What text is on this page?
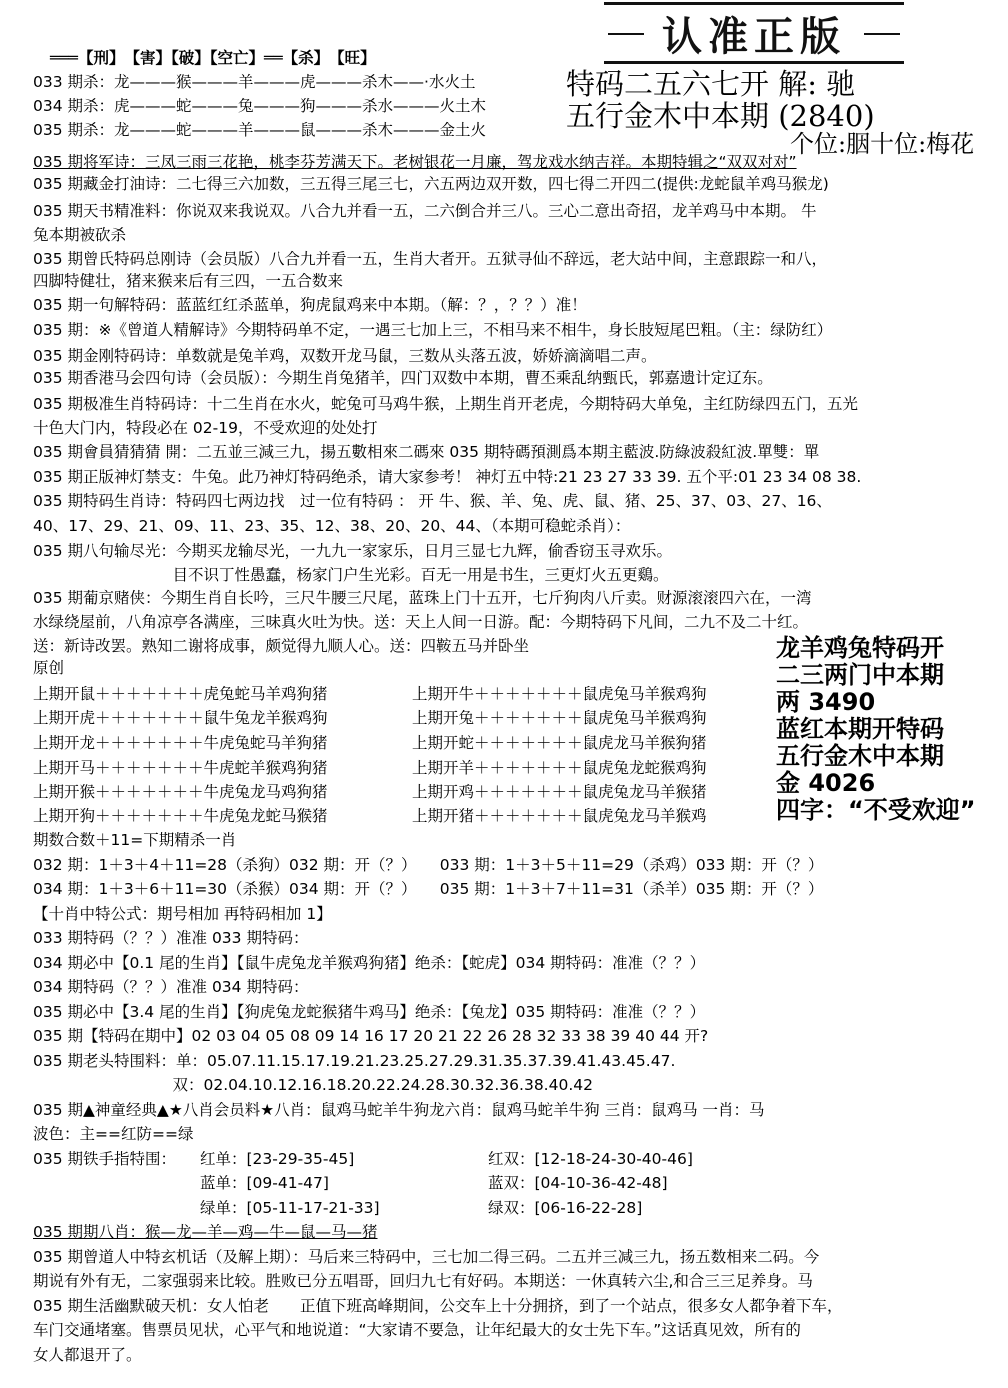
认准正版
═══【刑】　【害】【破】【空亡】══【杀】　【旺】
033 期杀：龙———猴———羊———虎———杀木——·水火土
034 期杀：虎———蛇———兔———狗———杀水———火土木
035 期杀：龙———蛇———羊———鼠———杀木———金土火
特码二五六七开 解: 驰
五行金木中本期 (2840)
个位:胭十位:梅花
035 期将军诗：三凤三雨三花艳，桃李芬芳满天下。老树银花一月廉，驾龙戏水纳吉祥。本期特辑之“双双对对”
035 期藏金打油诗：二七得三六加数，三五得三尾三七，六五两边双开数，四七得二开四二(提供:龙蛇鼠羊鸡马猴龙)
035 期天书精准料：你说双来我说双。八合九并看一五，二六倒合并三八。三心二意出奇招，龙羊鸡马中本期。 牛
兔本期被砍杀
035 期曾氏特码总刚诗（会员版）八合九并看一五，生肖大者开。五狱寻仙不辞远，老大站中间，主意跟踪一和八，
四脚特健壮，猪来猴来后有三四，一五合数来
035 期一句解特码：蓝蓝红红杀蓝单，狗虎鼠鸡来中本期。（解：？，？？）准！
035 期：※《曾道人精解诗》今期特码单不定，一遇三七加上三，不相马来不相牛，身长肢短尾巴粗。（主：绿防红）
035 期金刚特码诗：单数就是兔羊鸡，双数开龙马鼠，三数从头落五波，娇娇滴滴唱二声。
035 期香港马会四句诗（会员版）：今期生肖兔猪羊，四门双数中本期，曹丕乘乱纳甄氏，郭嘉遗计定辽东。
035 期极准生肖特码诗：十二生肖在水火，蛇兔可马鸡牛猴，上期生肖开老虎，今期特码大单兔，主红防绿四五门，五光
十色大门内，特段必在 02-19，不受欢迎的处处打
035 期會員猜猜猜 開：二五並三減三九，揚五數相來二碼來 035 期特碼預測爲本期主藍波.防綠波殺紅波.單雙：單
035 期正版神灯禁支：牛兔。此乃神灯特码绝杀，请大家参考！ 神灯五中特:21 23 27 33 39. 五个平:01 23 34 08 38.
035 期特码生肖诗：特码四七两边找　过一位有特码 ： 开 牛、猴、羊、兔、虎、鼠、猪、25、37、03、27、16、
40、17、29、21、09、11、23、35、12、38、20、20、44、（本期可稳蛇杀肖）：
035 期八句输尽光：今期买龙输尽光，一九九一家家乐，日月三显七九辉，偷香窃玉寻欢乐。
　　　　　　　　　目不识丁性愚蠢，杨家门户生光彩。百无一用是书生，三更灯火五更鷄。
035 期葡京赌侠：今期生肖自长吟，三尺牛腰三尺尾，蓝珠上门十五开，七斤狗肉八斤卖。财源滚滚四六在，一湾
水绿绕屋前，八角凉亭各满座，三味真火吐为快。送：天上人间一日游。配：今期特码下凡间，二九不及二十红。
送：新诗改罢。熟知二谢将成事，颇觉得九顺人心。送：四鞍五马并卧坐
原创
上期开鼠＋＋＋＋＋＋＋虎兔蛇马羊鸡狗猪
上期开虎＋＋＋＋＋＋＋鼠牛兔龙羊猴鸡狗
上期开龙＋＋＋＋＋＋＋牛虎兔蛇马羊狗猪
上期开马＋＋＋＋＋＋＋牛虎蛇羊猴鸡狗猪
上期开猴＋＋＋＋＋＋＋牛虎兔龙马鸡狗猪
上期开狗＋＋＋＋＋＋＋牛虎兔龙蛇马猴猪
上期开牛＋＋＋＋＋＋＋鼠虎兔马羊猴鸡狗
上期开兔＋＋＋＋＋＋＋鼠虎兔马羊猴鸡狗
上期开蛇＋＋＋＋＋＋＋鼠虎龙马羊猴狗猪
上期开羊＋＋＋＋＋＋＋鼠虎兔龙蛇猴鸡狗
上期开鸡＋＋＋＋＋＋＋鼠虎兔龙马羊猴猪
上期开猪＋＋＋＋＋＋＋鼠虎兔龙马羊猴鸡
龙羊鸡兔特码开
二三两门中本期
两 3490
蓝红本期开特码
五行金木中本期
金 4026
四字：“不受欢迎”
期数合数＋11=下期精杀一肖
032 期：1＋3＋4＋11=28（杀狗）032 期：开（？）　　033 期：1＋3＋5＋11=29（杀鸡）033 期：开（？）
034 期：1＋3＋6＋11=30（杀猴）034 期：开（？）　　035 期：1＋3＋7＋11=31（杀羊）035 期：开（？）
【十肖中特公式：期号相加 再特码相加 1】
033 期特码（？？）准准 033 期特码：
034 期必中【0.1 尾的生肖】【鼠牛虎兔龙羊猴鸡狗猪】绝杀：【蛇虎】034 期特码：准准（？？）
034 期特码（？？）准准 034 期特码：
035 期必中【3.4 尾的生肖】【狗虎兔龙蛇猴猪牛鸡马】绝杀：【兔龙】035 期特码：准准（？？）
035 期【特码在期中】02 03 04 05 08 09 14 16 17 20 21 22 26 28 32 33 38 39 40 44 开?
035 期老头特围料：单：05.07.11.15.17.19.21.23.25.27.29.31.35.37.39.41.43.45.47.
　　　　　　　　　双：02.04.10.12.16.18.20.22.24.28.30.32.36.38.40.42
035 期▲神童经典▲★八肖会员料★八肖：鼠鸡马蛇羊牛狗龙六肖：鼠鸡马蛇羊牛狗 三肖：鼠鸡马 一肖：马
波色：主==红防==绿
035 期铁手指特围： 红单：[23-29-35-45]	红双：[12-18-24-30-40-46]
蓝单：[09-41-47]	蓝双：[04-10-36-42-48]
绿单：[05-11-17-21-33]	绿双：[06-16-22-28]
035 期期八肖：猴—龙—羊—鸡—牛—鼠—马—猪
035 期曾道人中特玄机话（及解上期）：马后来三特码中，三七加二得三码。二五并三减三九，扬五数相来二码。今
期说有外有无，二家强弱来比较。胜败已分五唱哥，回归九七有好码。本期送：一休真转六尘,和合三三足养身。马
035 期生活幽默破天机：女人怕老　　正值下班高峰期间，公交车上十分拥挤，到了一个站点，很多女人都争着下车，
车门交通堵塞。售票员见状，心平气和地说道：“大家请不要急，让年纪最大的女士先下车。”这话真见效，所有的
女人都退开了。
